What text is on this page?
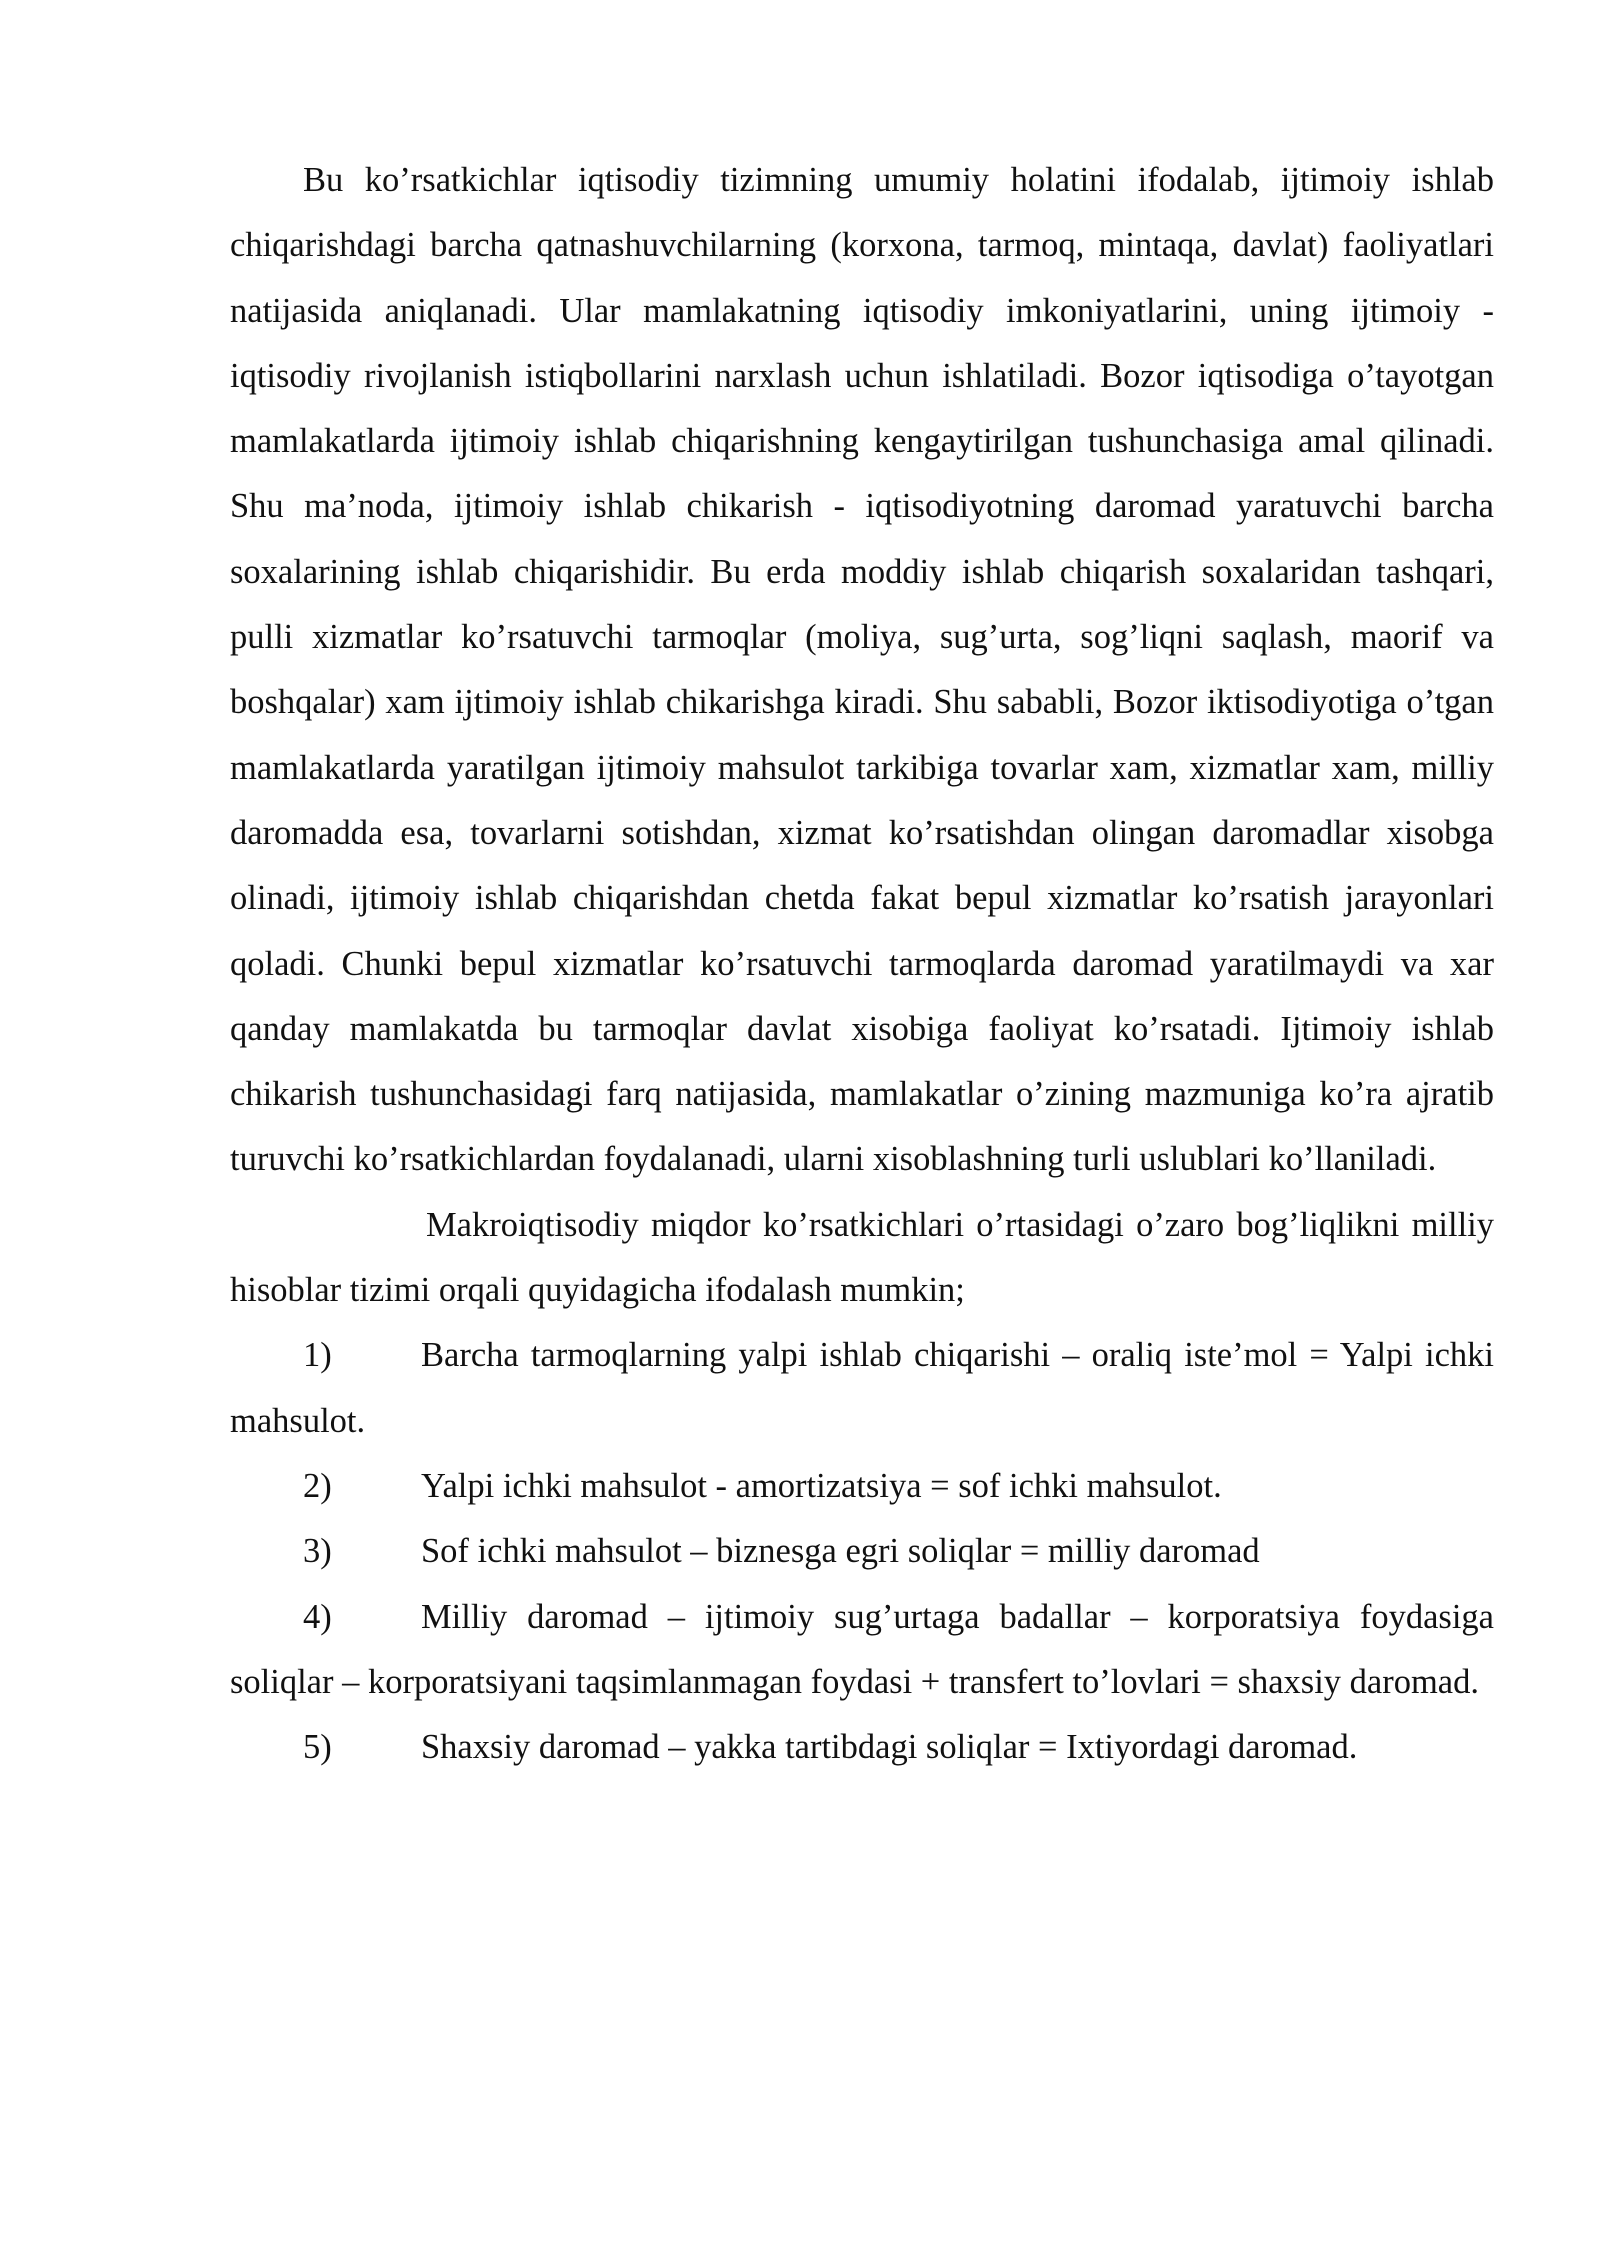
Bu ko’rsatkichlar iqtisodiy tizimning umumiy holatini ifodalab, ijtimoiy ishlab chiqarishdagi barcha qatnashuvchilarning (korxona, tarmoq, mintaqa, davlat) faoliyatlari natijasida aniqlanadi. Ular mamlakatning iqtisodiy imkoniyatlarini, uning ijtimoiy - iqtisodiy rivojlanish istiqbollarini narxlash uchun ishlatiladi. Bozor iqtisodiga o’tayotgan mamlakatlarda ijtimoiy ishlab chiqarishning kengaytirilgan tushunchasiga amal qilinadi. Shu ma’noda, ijtimoiy ishlab chikarish - iqtisodiyotning daromad yaratuvchi barcha soxalarining ishlab chiqarishidir. Bu erda moddiy ishlab chiqarish soxalaridan tashqari, pulli xizmatlar ko’rsatuvchi tarmoqlar (moliya, sug’urta, sog’liqni saqlash, maorif va boshqalar) xam ijtimoiy ishlab chikarishga kiradi. Shu sababli, Bozor iktisodiyotiga o’tgan mamlakatlarda yaratilgan ijtimoiy mahsulot tarkibiga tovarlar xam, xizmatlar xam, milliy daromadda esa, tovarlarni sotishdan, xizmat ko’rsatishdan olingan daromadlar xisobga olinadi, ijtimoiy ishlab chiqarishdan chetda fakat bepul xizmatlar ko’rsatish jarayonlari qoladi. Chunki bepul xizmatlar ko’rsatuvchi tarmoqlarda daromad yaratilmaydi va xar qanday mamlakatda bu tarmoqlar davlat xisobiga faoliyat ko’rsatadi. Ijtimoiy ishlab chikarish tushunchasidagi farq natijasida, mamlakatlar o’zining mazmuniga ko’ra ajratib turuvchi ko’rsatkichlardan foydalanadi, ularni xisoblashning turli uslublari ko’llaniladi.

Makroiqtisodiy miqdor ko’rsatkichlari o’rtasidagi o’zaro bog’liqlikni milliy hisoblar tizimi orqali quyidagicha ifodalash mumkin;

1)	Barcha tarmoqlarning yalpi ishlab chiqarishi – oraliq iste’mol = Yalpi ichki mahsulot.

2)	Yalpi ichki mahsulot - amortizatsiya = sof ichki mahsulot.

3)	Sof ichki mahsulot – biznesga egri soliqlar = milliy daromad

4)	Milliy daromad – ijtimoiy sug’urtaga badallar – korporatsiya foydasiga soliqlar – korporatsiyani taqsimlanmagan foydasi + transfert to’lovlari = shaxsiy daromad.

5)	Shaxsiy daromad – yakka tartibdagi soliqlar = Ixtiyordagi daromad.
